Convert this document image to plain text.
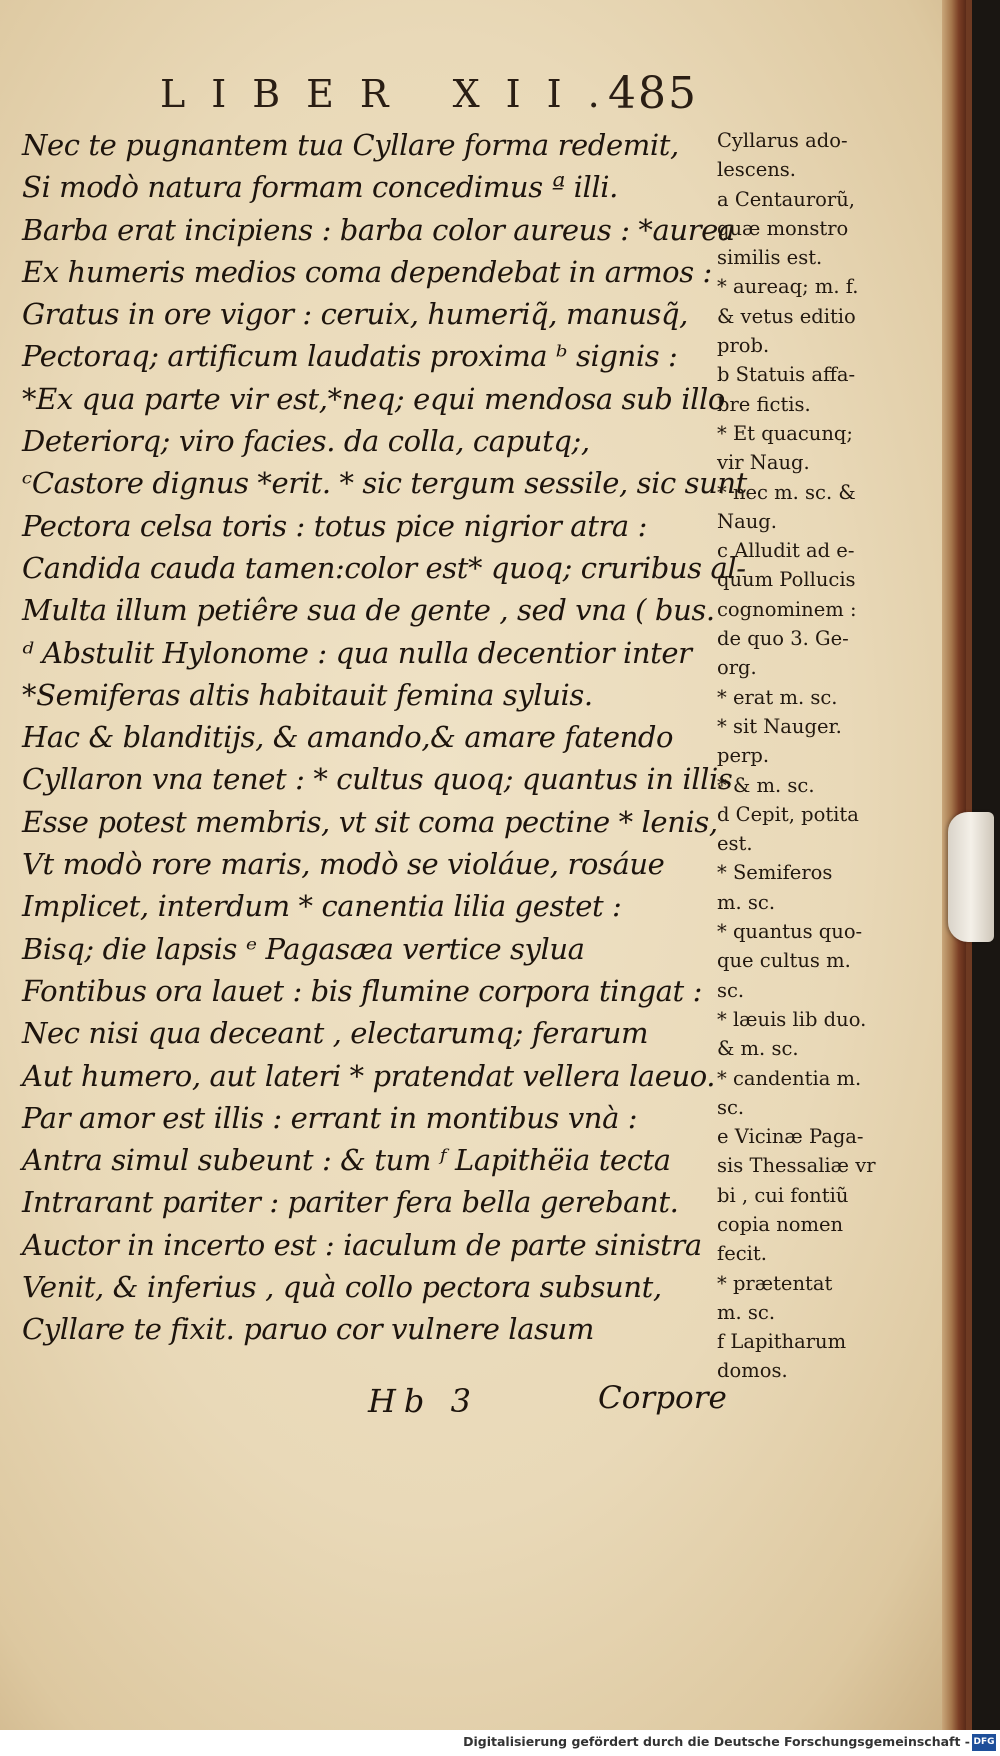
LIBER XII.
485
Nec te pugnantem tua Cyllare forma redemit,
Si modò natura formam concedimus ª illi.
Barba erat incipiens : barba color aureus : *aurea
Ex humeris medios coma dependebat in armos :
Gratus in ore vigor : ceruix, humeriq̃, manusq̃,
Pectoraq; artificum laudatis proxima ᵇ signis :
*Ex qua parte vir est,*neq; equi mendosa sub illo
Deteriorq; viro facies. da colla, caputq;,
ᶜCastore dignus *erit. * sic tergum sessile, sic sunt
Pectora celsa toris : totus pice nigrior atra :
Candida cauda tamen:color est* quoq; cruribus al-
Multa illum petiêre sua de gente , sed vna ( bus.
ᵈ Abstulit Hylonome : qua nulla decentior inter
*Semiferas altis habitauit femina syluis.
Hac & blanditijs, & amando,& amare fatendo
Cyllaron vna tenet : * cultus quoq; quantus in illis
Esse potest membris, vt sit coma pectine * lenis,
Vt modò rore maris, modò se violáue, rosáue
Implicet, interdum * canentia lilia gestet :
Bisq; die lapsis ᵉ Pagasæa vertice sylua
Fontibus ora lauet : bis flumine corpora tingat :
Nec nisi qua deceant , electarumq; ferarum
Aut humero, aut lateri * pratendat vellera laeuo.
Par amor est illis : errant in montibus vnà :
Antra simul subeunt : & tum ᶠ Lapithëia tecta
Intrarant pariter : pariter fera bella gerebant.
Auctor in incerto est : iaculum de parte sinistra
Venit, & inferius , quà collo pectora subsunt,
Cyllare te fixit. paruo cor vulnere lasum
Cyllarus ado-
lescens.
a Centaurorũ,
quæ monstro
similis est.
* aureaq; m. f.
& vetus editio
prob.
b Statuis affa-
bre fictis.
* Et quacunq;
vir Naug.
* nec m. sc. &
Naug.
c Alludit ad e-
quum Pollucis
cognominem :
de quo 3. Ge-
org.
* erat m. sc.
* sit Nauger.
perp.
* & m. sc.
d Cepit, potita
est.
* Semiferos
m. sc.
* quantus quo-
que cultus m.
sc.
* læuis lib duo.
& m. sc.
* candentia m.
sc.
e Vicinæ Paga-
sis Thessaliæ vr
bi , cui fontiũ
copia nomen
fecit.
* prætentat
m. sc.
f Lapitharum
domos.
Hb 3	Corpore
Digitalisierung gefördert durch die Deutsche Forschungsgemeinschaft - DFG
